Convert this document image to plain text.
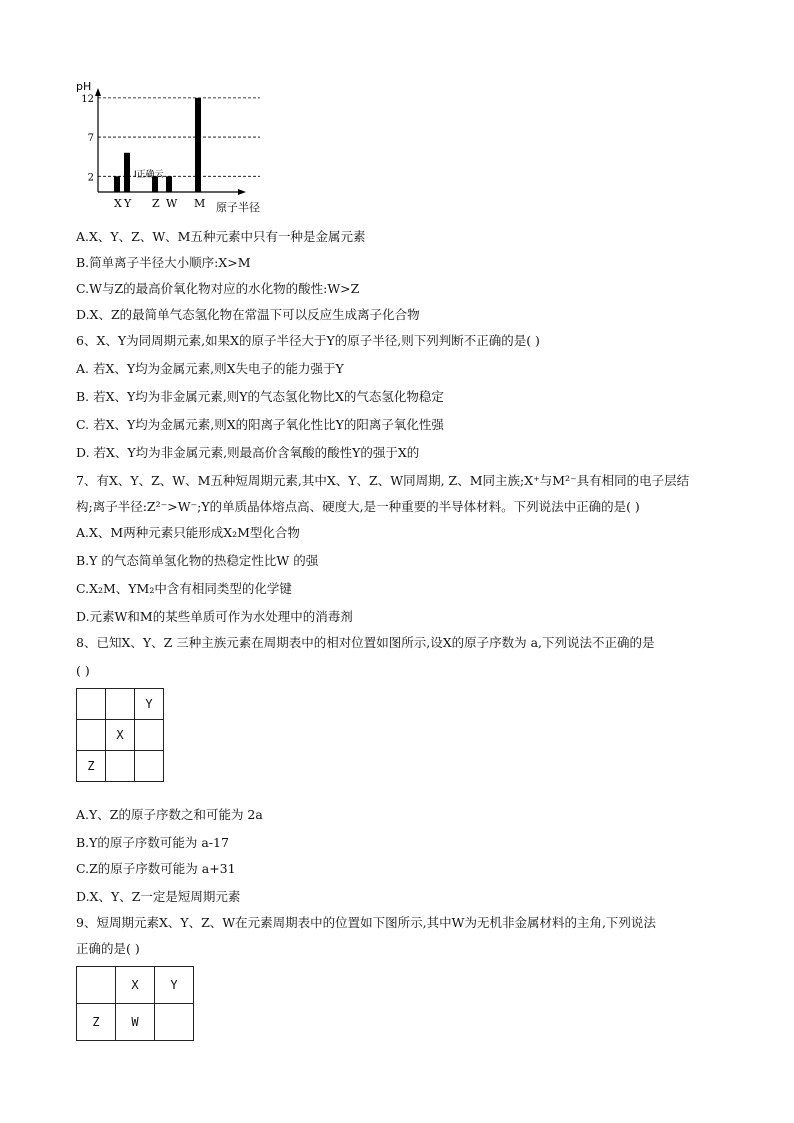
pH
2
7
12
X Y Z W M 原子半径
Ⅰ正确云
A.X、Y、Z、W、M五种元素中只有一种是金属元素
B.简单离子半径大小顺序:X>M
C.W与Z的最高价氧化物对应的水化物的酸性:W>Z
D.X、Z的最简单气态氢化物在常温下可以反应生成离子化合物
6、X、Y为同周期元素,如果X的原子半径大于Y的原子半径,则下列判断不正确的是( )
A. 若X、Y均为金属元素,则X失电子的能力强于Y
B. 若X、Y均为非金属元素,则Y的气态氢化物比X的气态氢化物稳定
C. 若X、Y均为金属元素,则X的阳离子氧化性比Y的阳离子氧化性强
D. 若X、Y均为非金属元素,则最高价含氧酸的酸性Y的强于X的
7、有X、Y、Z、W、M五种短周期元素,其中X、Y、Z、W同周期, Z、M同主族;X⁺与M²⁻具有相同的电子层结
构;离子半径:Z²⁻>W⁻;Y的单质晶体熔点高、硬度大,是一种重要的半导体材料。下列说法中正确的是( )
A.X、M两种元素只能形成X₂M型化合物
B.Y 的气态简单氢化物的热稳定性比W 的强
C.X₂M、YM₂中含有相同类型的化学键
D.元素W和M的某些单质可作为水处理中的消毒剂
8、已知X、Y、Z 三种主族元素在周期表中的相对位置如图所示,设X的原子序数为 a,下列说法不正确的是
( )
		Y
	X	
Z		
A.Y、Z的原子序数之和可能为 2a
B.Y的原子序数可能为 a-17
C.Z的原子序数可能为 a+31
D.X、Y、Z一定是短周期元素
9、短周期元素X、Y、Z、W在元素周期表中的位置如下图所示,其中W为无机非金属材料的主角,下列说法
正确的是( )
	X	Y
Z	W	
